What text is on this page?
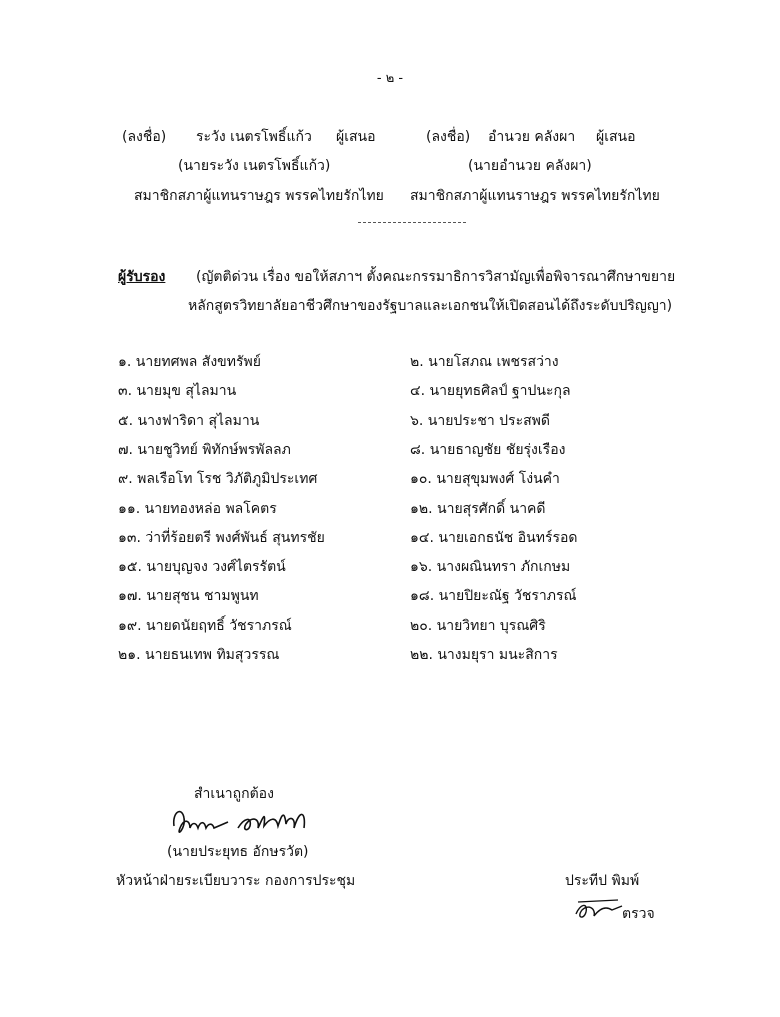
- ๒ -
(ลงชื่อ) ระวัง เนตรโพธิ์แก้ว ผู้เสนอ
(นายระวัง เนตรโพธิ์แก้ว)
สมาชิกสภาผู้แทนราษฎร พรรคไทยรักไทย
(ลงชื่อ) อำนวย คลังผา ผู้เสนอ
(นายอำนวย คลังผา)
สมาชิกสภาผู้แทนราษฎร พรรคไทยรักไทย
ผู้รับรอง (ญัตติด่วน เรื่อง ขอให้สภาฯ ตั้งคณะกรรมาธิการวิสามัญเพื่อพิจารณาศึกษาขยาย
หลักสูตรวิทยาลัยอาชีวศึกษาของรัฐบาลและเอกชนให้เปิดสอนได้ถึงระดับปริญญา)
๑. นายทศพล สังขทรัพย์
๓. นายมุข สุไลมาน
๕. นางฟาริดา สุไลมาน
๗. นายชูวิทย์ พิทักษ์พรพัลลภ
๙. พลเรือโท โรช วิภัติภูมิประเทศ
๑๑. นายทองหล่อ พลโคตร
๑๓. ว่าที่ร้อยตรี พงศ์พันธ์ สุนทรชัย
๑๕. นายบุญจง วงศ์ไตรรัตน์
๑๗. นายสุชน ชามพูนท
๑๙. นายดนัยฤทธิ์ วัชราภรณ์
๒๑. นายธนเทพ ทิมสุวรรณ
๒. นายโสภณ เพชรสว่าง
๔. นายยุทธศิลป์ ฐาปนะกุล
๖. นายประชา ประสพดี
๘. นายธาญชัย ชัยรุ่งเรือง
๑๐. นายสุขุมพงศ์ โง่นคำ
๑๒. นายสุรศักดิ์ นาคดี
๑๔. นายเอกธนัช อินทร์รอด
๑๖. นางผณินทรา ภักเกษม
๑๘. นายปิยะณัฐ วัชราภรณ์
๒๐. นายวิทยา บุรณศิริ
๒๒. นางมยุรา มนะสิการ
สำเนาถูกต้อง
(นายประยุทธ อักษรวัต)
หัวหน้าฝ่ายระเบียบวาระ กองการประชุม	ประทีป พิมพ์
ตรวจ
